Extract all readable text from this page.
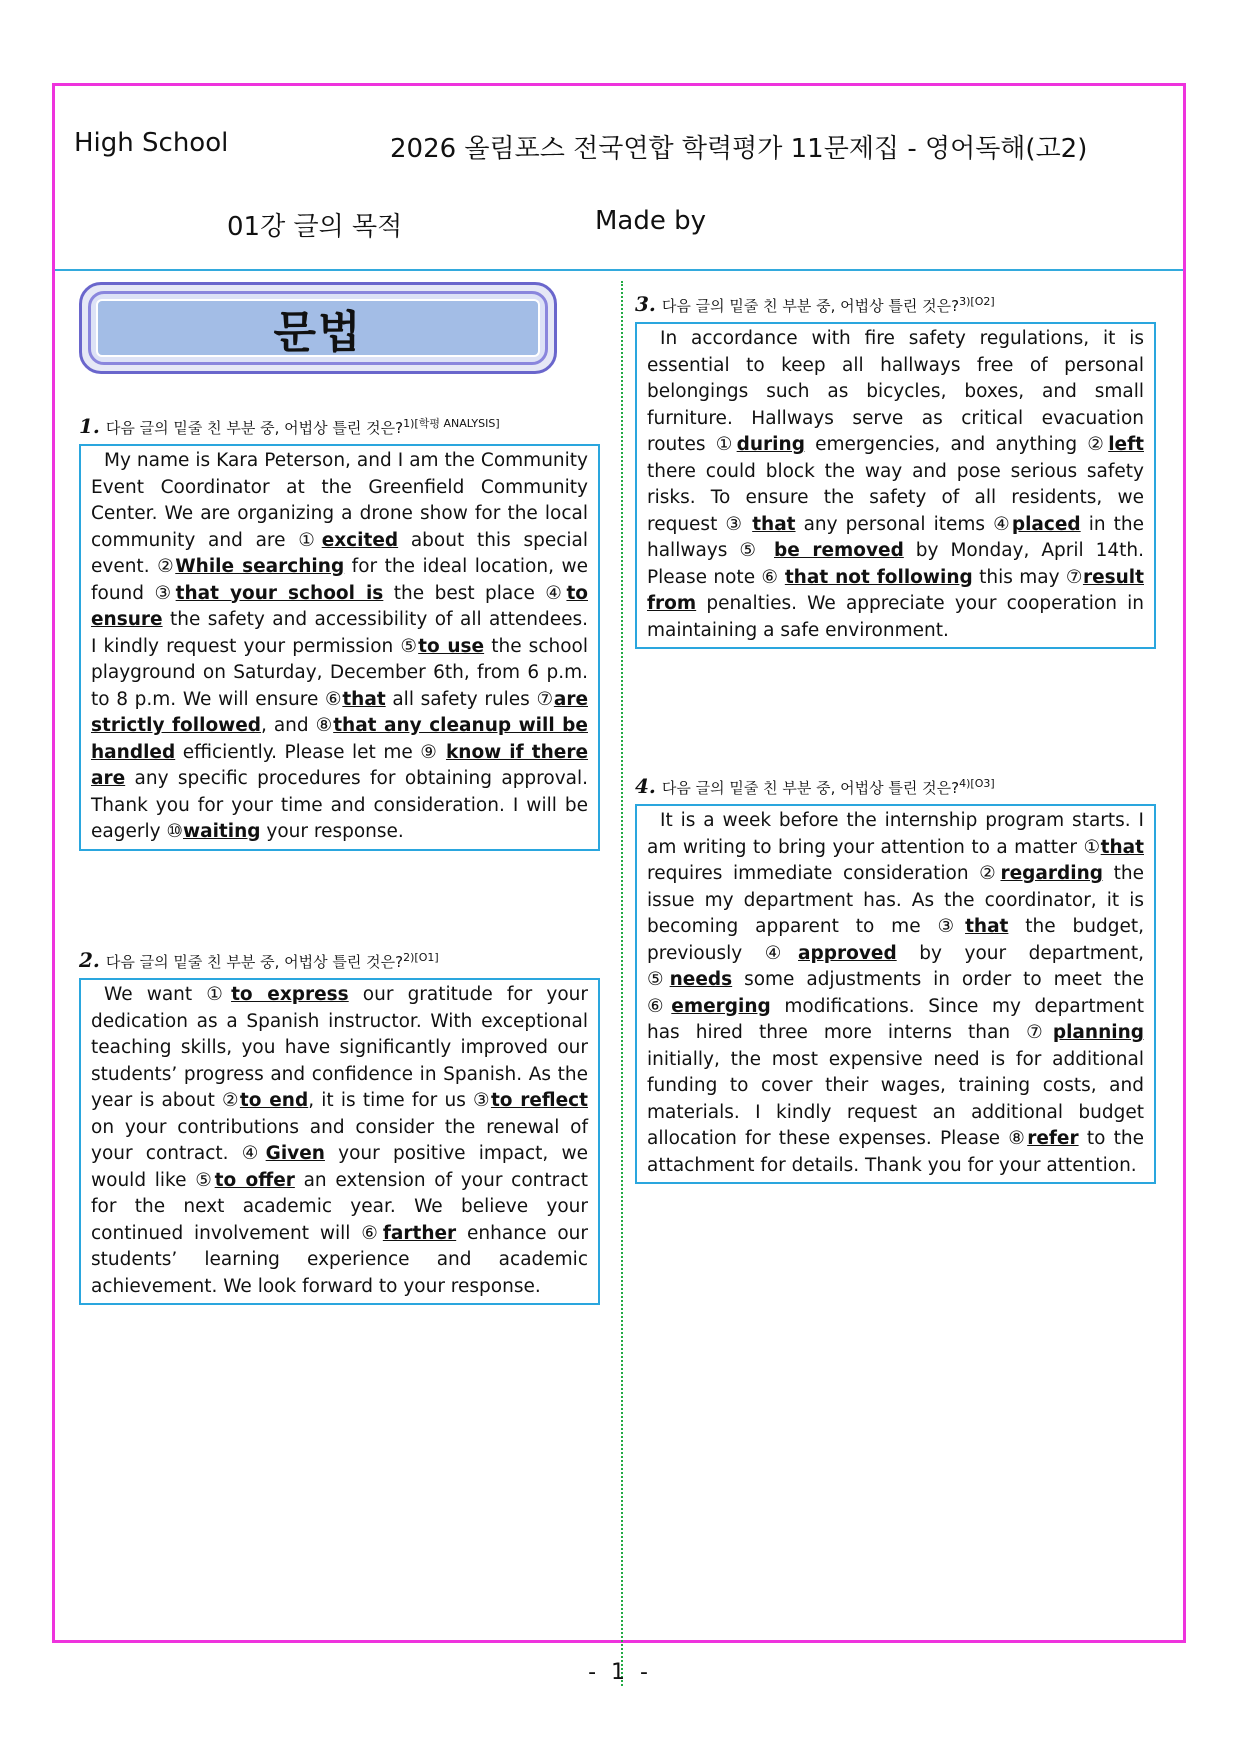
High School	2026 올림포스 전국연합 학력평가 11문제집 - 영어독해(고2)
01강 글의 목적	Made by
문법
1. 다음 글의 밑줄 친 부분 중, 어법상 틀린 것은?$^{1)[학평 ANALYSIS]}$

My name is Kara Peterson, and I am the Community Event Coordinator at the Greenfield Community Center. We are organizing a drone show for the local community and are ①excited about this special event. ②While searching for the ideal location, we found ③that your school is the best place ④to ensure the safety and accessibility of all attendees. I kindly request your permission ⑤to use the school playground on Saturday, December 6th, from 6 p.m. to 8 p.m. We will ensure ⑥that all safety rules ⑦are strictly followed, and ⑧that any cleanup will be handled efficiently. Please let me ⑨ know if there are any specific procedures for obtaining approval. Thank you for your time and consideration. I will be eagerly ⑩waiting your response.

2. 다음 글의 밑줄 친 부분 중, 어법상 틀린 것은?$^{2)[O1]}$

We want ①to express our gratitude for your dedication as a Spanish instructor. With exceptional teaching skills, you have significantly improved our students’ progress and confidence in Spanish. As the year is about ②to end, it is time for us ③to reflect on your contributions and consider the renewal of your contract. ④Given your positive impact, we would like ⑤to offer an extension of your contract for the next academic year. We believe your continued involvement will ⑥farther enhance our students’ learning experience and academic achievement. We look forward to your response.

3. 다음 글의 밑줄 친 부분 중, 어법상 틀린 것은?$^{3)[O2]}$

In accordance with fire safety regulations, it is essential to keep all hallways free of personal belongings such as bicycles, boxes, and small furniture. Hallways serve as critical evacuation routes ①during emergencies, and anything ②left there could block the way and pose serious safety risks. To ensure the safety of all residents, we request ③ that any personal items ④placed in the hallways ⑤ be removed by Monday, April 14th. Please note ⑥ that not following this may ⑦result from penalties. We appreciate your cooperation in maintaining a safe environment.

4. 다음 글의 밑줄 친 부분 중, 어법상 틀린 것은?$^{4)[O3]}$

It is a week before the internship program starts. I am writing to bring your attention to a matter ①that requires immediate consideration ②regarding the issue my department has. As the coordinator, it is becoming apparent to me ③that the budget, previously ④approved by your department, ⑤needs some adjustments in order to meet the ⑥emerging modifications. Since my department has hired three more interns than ⑦planning initially, the most expensive need is for additional funding to cover their wages, training costs, and materials. I kindly request an additional budget allocation for these expenses. Please ⑧refer to the attachment for details. Thank you for your attention.

- 1 -
